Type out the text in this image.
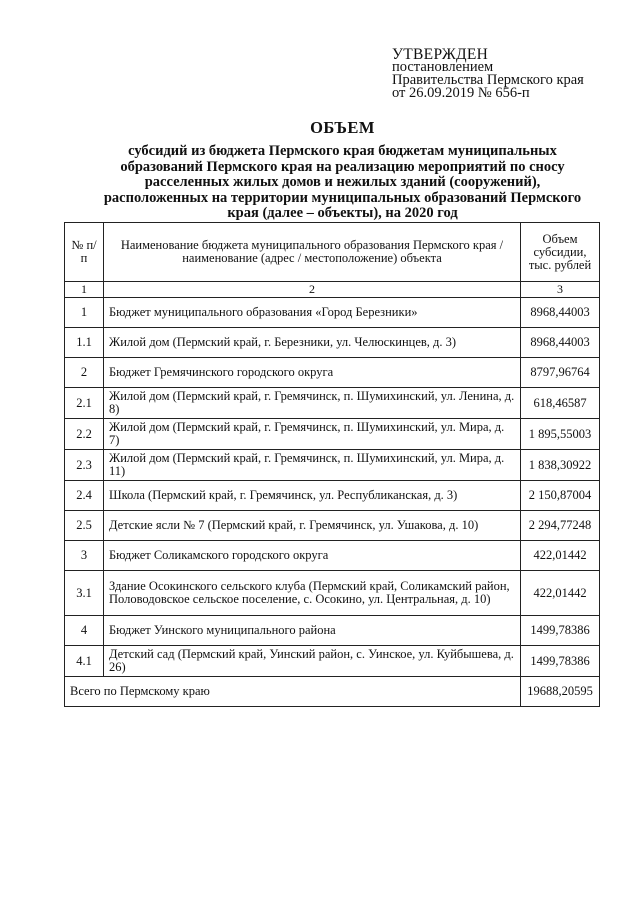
УТВЕРЖДЕН
постановлением
Правительства Пермского края
от 26.09.2019 № 656-п
ОБЪЕМ
субсидий из бюджета Пермского края бюджетам муниципальных образований Пермского края на реализацию мероприятий по сносу расселенных жилых домов и нежилых зданий (сооружений), расположенных на территории муниципальных образований Пермского края (далее – объекты), на 2020 год
№ п/п	Наименование бюджета муниципального образования Пермского края / наименование (адрес / местоположение) объекта	Объем субсидии, тыс. рублей
1	2	3
1	Бюджет муниципального образования «Город Березники»	8968,44003
1.1	Жилой дом (Пермский край, г. Березники, ул. Челюскинцев, д. 3)	8968,44003
2	Бюджет Гремячинского городского округа	8797,96764
2.1	Жилой дом (Пермский край, г. Гремячинск, п. Шумихинский, ул. Ленина, д. 8)	618,46587
2.2	Жилой дом (Пермский край, г. Гремячинск, п. Шумихинский, ул. Мира, д. 7)	1 895,55003
2.3	Жилой дом (Пермский край, г. Гремячинск, п. Шумихинский, ул. Мира, д. 11)	1 838,30922
2.4	Школа (Пермский край, г. Гремячинск, ул. Республиканская, д. 3)	2 150,87004
2.5	Детские ясли № 7 (Пермский край, г. Гремячинск, ул. Ушакова, д. 10)	2 294,77248
3	Бюджет Соликамского городского округа	422,01442
3.1	Здание Осокинского сельского клуба (Пермский край, Соликамский район, Половодовское сельское поселение, с. Осокино, ул. Центральная, д. 10)	422,01442
4	Бюджет Уинского муниципального района	1499,78386
4.1	Детский сад (Пермский край, Уинский район, с. Уинское, ул. Куйбышева, д. 26)	1499,78386
Всего по Пермскому краю		19688,20595
